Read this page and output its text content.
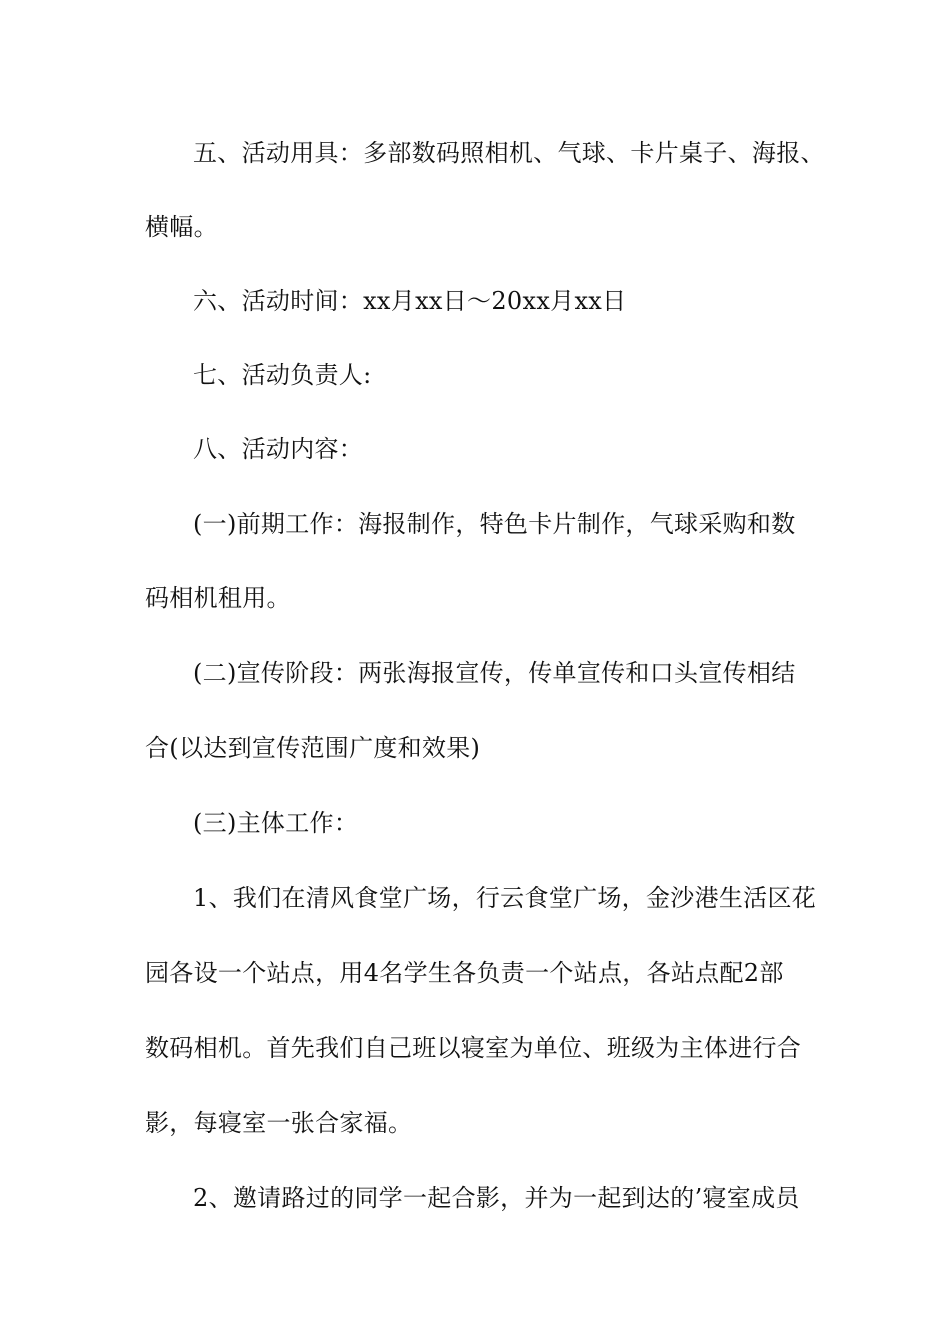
五、活动用具：多部数码照相机、气球、卡片桌子、海报、
横幅。
六、活动时间：xx月xx日～20xx月xx日
七、活动负责人:
八、活动内容：
(一)前期工作：海报制作，特色卡片制作，气球采购和数
码相机租用。
(二)宣传阶段：两张海报宣传，传单宣传和口头宣传相结
合(以达到宣传范围广度和效果)
(三)主体工作：
1、我们在清风食堂广场，行云食堂广场，金沙港生活区花
园各设一个站点，用4名学生各负责一个站点，各站点配2部
数码相机。首先我们自己班以寝室为单位、班级为主体进行合
影，每寝室一张合家福。
2、邀请路过的同学一起合影，并为一起到达的’寝室成员
